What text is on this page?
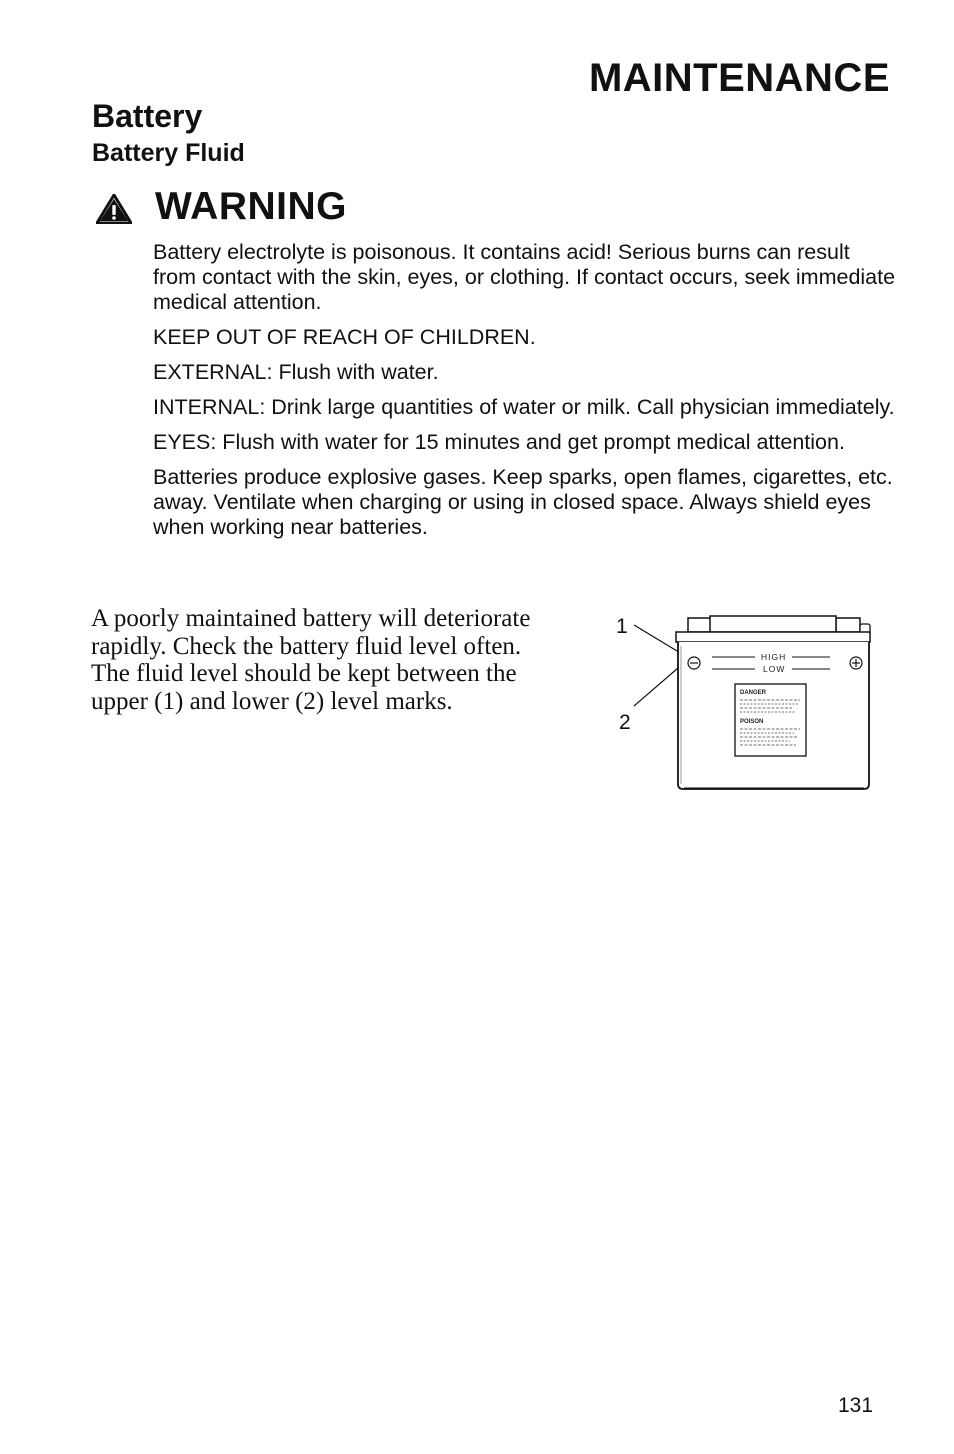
MAINTENANCE
Battery
Battery Fluid
WARNING

Battery electrolyte is poisonous. It contains acid! Serious burns can result from contact with the skin, eyes, or clothing. If contact occurs, seek immediate medical attention.

KEEP OUT OF REACH OF CHILDREN.

EXTERNAL: Flush with water.

INTERNAL: Drink large quantities of water or milk. Call physician immediately.

EYES: Flush with water for 15 minutes and get prompt medical attention.

Batteries produce explosive gases. Keep sparks, open flames, cigarettes, etc. away. Ventilate when charging or using in closed space. Always shield eyes when working near batteries.

A poorly maintained battery will deteriorate rapidly. Check the battery fluid level often. The fluid level should be kept between the upper (1) and lower (2) level marks.
1
2
HIGH
LOW
DANGER
POISON
131
